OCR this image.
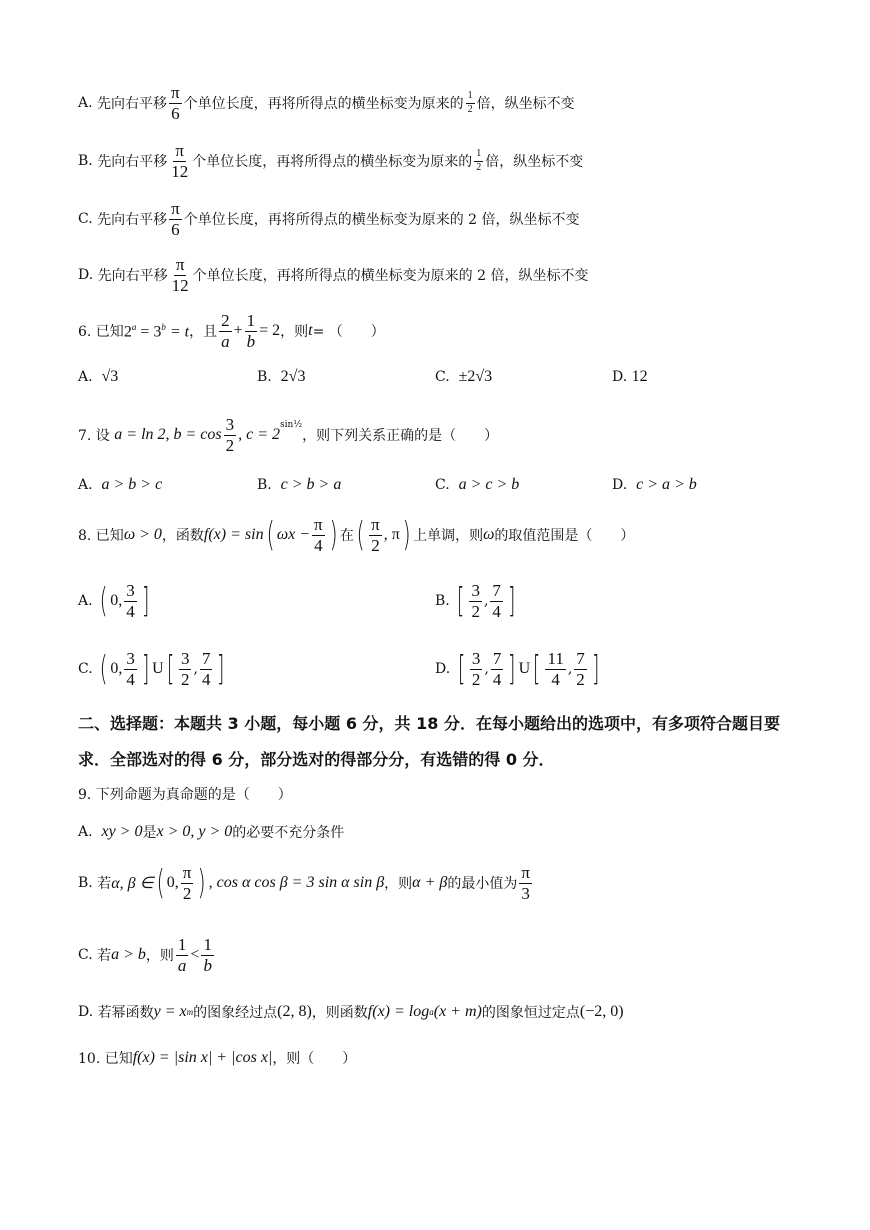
A.
先向右平移 $\frac{\pi}{6}$ 个单位长度，再将所得点的横坐标变为原来的 $\frac{1}{2}$ 倍，纵坐标不变
B.
先向右平移 $\frac{\pi}{12}$ 个单位长度，再将所得点的横坐标变为原来的 $\frac{1}{2}$ 倍，纵坐标不变
C.
先向右平移 $\frac{\pi}{6}$ 个单位长度，再将所得点的横坐标变为原来的 2 倍，纵坐标不变
D.
先向右平移 $\frac{\pi}{12}$ 个单位长度，再将所得点的横坐标变为原来的 2 倍，纵坐标不变
6. 已知 $2^a = 3^b = t$ ，且 $\frac{2}{a} + \frac{1}{b} = 2$ ，则 t = （　　）
A. √3	B. 2√3	C. ±2√3	D. 12
7. 设
a = ln 2, $b = \cos \frac{3}{2}$ , c = 2
$^{sin\frac{1}{2}}$
，则下列关系正确的是（　　）
A. a > b > c	B. c > b > a	C. a > c > b	D. c > a > b
8. 已知 ω > 0 ，函数 f(x) = sin ( $\omega x - \frac{\pi}{4}$ ) 在 ( $\frac{\pi}{2}$ , π ) 上单调，则 ω 的取值范围是（　　）
A.
( 0, $\frac{3}{4}$ ]	B.
[ $\frac{3}{2}$ , $\frac{7}{4}$ ]
C.
( 0, $\frac{3}{4}$ ] U [ $\frac{3}{2}$ , $\frac{7}{4}$ ]	D.
[ $\frac{3}{2}$ , $\frac{7}{4}$ ] U [ $\frac{11}{4}$ , $\frac{7}{2}$ ]
二、选择题：本题共 3 小题，每小题 6 分，共 18 分．在每小题给出的选项中，有多项符合题目要求．全部选对的得 6 分，部分选对的得部分分，有选错的得 0 分．
9. 下列命题为真命题的是（　　）
A.
xy > 0 是 x > 0, y > 0 的必要不充分条件
B.
若 α, β ∈ ( 0, $\frac{\pi}{2}$ ) , cos α cos β = 3 sin α sin β ，则 α + β 的最小值为 $\frac{\pi}{3}$
C.
若 a > b ，则 $\frac{1}{a} < \frac{1}{b}$
D.
若幂函数 y = x m 的图象经过点 (2, 8) ，则函数 f(x) = log a (x + m) 的图象恒过定点 (−2, 0)
10. 已知 f(x) = |sin x| + |cos x| ，则（　　）
